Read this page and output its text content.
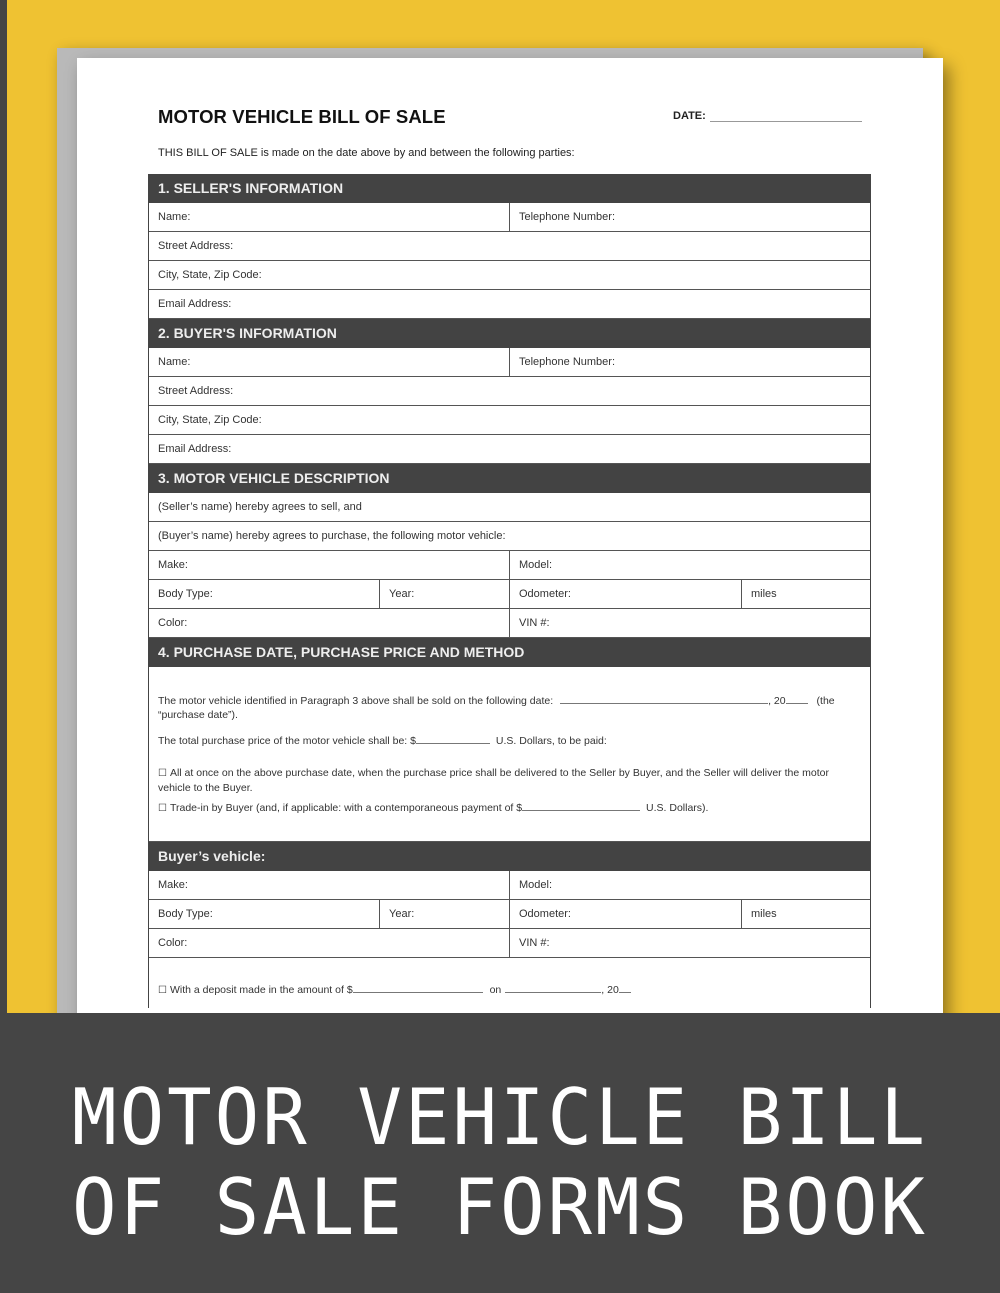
MOTOR VEHICLE BILL OF SALE	DATE:
THIS BILL OF SALE is made on the date above by and between the following parties:
1. SELLER'S INFORMATION
Name:	Telephone Number:
Street Address:
City, State, Zip Code:
Email Address:
2. BUYER'S INFORMATION
Name:	Telephone Number:
Street Address:
City, State, Zip Code:
Email Address:
3. MOTOR VEHICLE DESCRIPTION
(Seller’s name) hereby agrees to sell, and
(Buyer’s name) hereby agrees to purchase, the following motor vehicle:
Make:	Model:
Body Type:	Year:	Odometer:	miles
Color:	VIN #:
4. PURCHASE DATE, PURCHASE PRICE AND METHOD

The motor vehicle identified in Paragraph 3 above shall be sold on the following date:	, 20	(the

“purchase date”).

The total purchase price of the motor vehicle shall be: $	U.S. Dollars, to be paid:

☐ All at once on the above purchase date, when the purchase price shall be delivered to the Seller by Buyer, and the Seller will deliver the motor vehicle to the Buyer.

☐ Trade-in by Buyer (and, if applicable: with a contemporaneous payment of $	U.S. Dollars).

Buyer’s vehicle:
Make:	Model:
Body Type:	Year:	Odometer:	miles
Color:	VIN #:
☐ With a deposit made in the amount of $	on	, 20
MOTOR VEHICLE BILL
OF SALE FORMS BOOK
